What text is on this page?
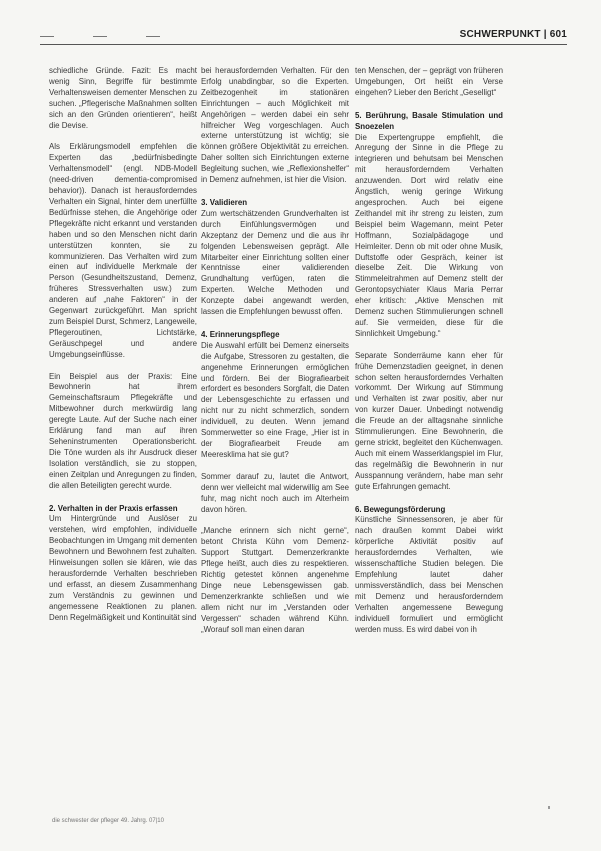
SCHWERPUNKT | 601

schiedliche Gründe. Fazit: Es macht wenig Sinn, Begriffe für bestimmte Verhaltensweisen dementer Menschen zu suchen. „Pflegerische Maßnahmen sollten sich an den Gründen orientieren“, heißt die Devise.

Als Erklärungsmodell empfehlen die Experten das „bedürfnisbedingte Verhaltensmodell“ (engl. NDB-Modell (need-driven dementia-compromised behavior)). Danach ist herausforderndes Verhalten ein Signal, hinter dem unerfüllte Bedürfnisse stehen, die Angehörige oder Pflegekräfte nicht erkannt und verstanden haben und so den Menschen nicht darin unterstützen konnten, sie zu kommunizieren. Das Verhalten wird zum einen auf individuelle Merkmale der Person (Gesundheitszustand, Demenz, früheres Stressverhalten usw.) zum anderen auf „nahe Faktoren“ in der Gegenwart zurückgeführt. Man spricht zum Beispiel Durst, Schmerz, Langeweile, Pflegeroutinen, Lichtstärke, Geräuschpegel und andere Umgebungseinflüsse.

Ein Beispiel aus der Praxis: Eine Bewohnerin hat ihrem Gemeinschaftsraum Pflegekräfte und Mitbewohner durch merkwürdig lang geregte Laute. Auf der Suche nach einer Erklärung fand man auf ihren Seheninstrumenten Operationsbericht. Die Töne wurden als ihr Ausdruck dieser Isolation verständlich, sie zu stoppen, einen Zeitplan und Anregungen zu finden, die allen Beteiligten gerecht wurde.

2. Verhalten in der Praxis erfassen

Um Hintergründe und Auslöser zu verstehen, wird empfohlen, individuelle Beobachtungen im Umgang mit dementen Bewohnern und Bewohnern fest zuhalten. Hinweisungen sollen sie klären, wie das herausfordernde Verhalten beschrieben und erfasst, an diesem Zusammenhang zum Verständnis zu gewinnen und angemessene Reaktionen zu planen. Denn Regelmäßigkeit und Kontinuität sind

bei herausfordernden Verhalten. Für den Erfolg unabdingbar, so die Experten. Zeitbezogenheit im stationären Einrichtungen – auch Möglichkeit mit Angehörigen – werden dabei ein sehr hilfreicher Weg vorgeschlagen. Auch externe unterstützung ist wichtig; sie können größere Objektivität zu erreichen. Daher sollten sich Einrichtungen externe Begleitung suchen, wie „Reflexionshelfer“ in Demenz aufnehmen, ist hier die Vision.

3. Validieren

Zum wertschätzenden Grundverhalten ist durch Einfühlungsvermögen und Akzeptanz der Demenz und die aus ihr folgenden Lebensweisen geprägt. Alle Mitarbeiter einer Einrichtung sollten einer Kenntnisse einer validierenden Grundhaltung verfügen, raten die Experten. Welche Methoden und Konzepte dabei angewandt werden, lassen die Empfehlungen bewusst offen.

4. Erinnerungspflege

Die Auswahl erfüllt bei Demenz einerseits die Aufgabe, Stressoren zu gestalten, die angenehme Erinnerungen ermöglichen und fördern. Bei der Biografiearbeit erfordert es besonders Sorgfalt, die Daten der Lebensgeschichte zu erfassen und nicht nur zu nicht schmerzlich, sondern individuell, zu deuten. Wenn jemand Sommerwetter so eine Frage, „Hier ist in der Biografiearbeit Freude am Meeresklima hat sie gut?

Sommer darauf zu, lautet die Antwort, denn wer vielleicht mal widerwillig am See fuhr, mag nicht noch auch im Alterheim davon hören.

„Manche erinnern sich nicht gerne“, betont Christa Kühn vom Demenz-Support Stuttgart. Demenzerkrankte Pflege heißt, auch dies zu respektieren. Richtig getestet können angenehme Dinge neue Lebensgewissen gab. Demenzerkrankte schließen und wie allem nicht nur im „Verstanden oder Vergessen“ schaden während Kühn. „Worauf soll man einen daran

ten Menschen, der – geprägt von früheren Umgebungen, Ort heißt ein Verse eingehen? Lieber den Bericht „Geselligt“

5. Berührung, Basale Stimulation und Snoezelen

Die Expertengruppe empfiehlt, die Anregung der Sinne in die Pflege zu integrieren und behutsam bei Menschen mit herausforderndem Verhalten anzuwenden. Dort wird relativ eine Ängstlich, wenig geringe Wirkung angesprochen. Auch bei eigene Zeithandel mit ihr streng zu leisten, zum Beispiel beim Wagemann, meint Peter Hoffmann, Sozialpädagoge und Heimleiter. Denn ob mit oder ohne Musik, Duftstoffe oder Gespräch, keiner ist dieselbe Zeit. Die Wirkung von Stimmeleitrahmen auf Demenz stellt der Gerontopsychiater Klaus Maria Perrar eher kritisch: „Aktive Menschen mit Demenz suchen Stimmulierungen schnell auf. Sie vermeiden, diese für die Sinnlichkeit Umgebung.“

Separate Sonderräume kann eher für frühe Demenzstadien geeignet, in denen schon selten herausforderndes Verhalten vorkommt. Der Wirkung auf Stimmung und Verhalten ist zwar positiv, aber nur von kurzer Dauer. Unbedingt notwendig die Freude an der alltagsnahe sinnliche Stimmulierungen. Eine Bewohnerin, die gerne strickt, begleitet den Küchenwagen. Auch mit einem Wasserklangspiel im Flur, das regelmäßig die Bewohnerin in nur Ausspannung verändern, habe man sehr gute Erfahrungen gemacht.

6. Bewegungsförderung

Künstliche Sinnessensoren, je aber für nach draußen kommt Dabei wirkt körperliche Aktivität positiv auf herausforderndes Verhalten, wie wissenschaftliche Studien belegen. Die Empfehlung lautet daher unmissverständlich, dass bei Menschen mit Demenz und herausforderndem Verhalten angemessene Bewegung individuell formuliert und ermöglicht werden muss. Es wird dabei von ih

die schwester der pfleger 49. Jahrg. 07|10
